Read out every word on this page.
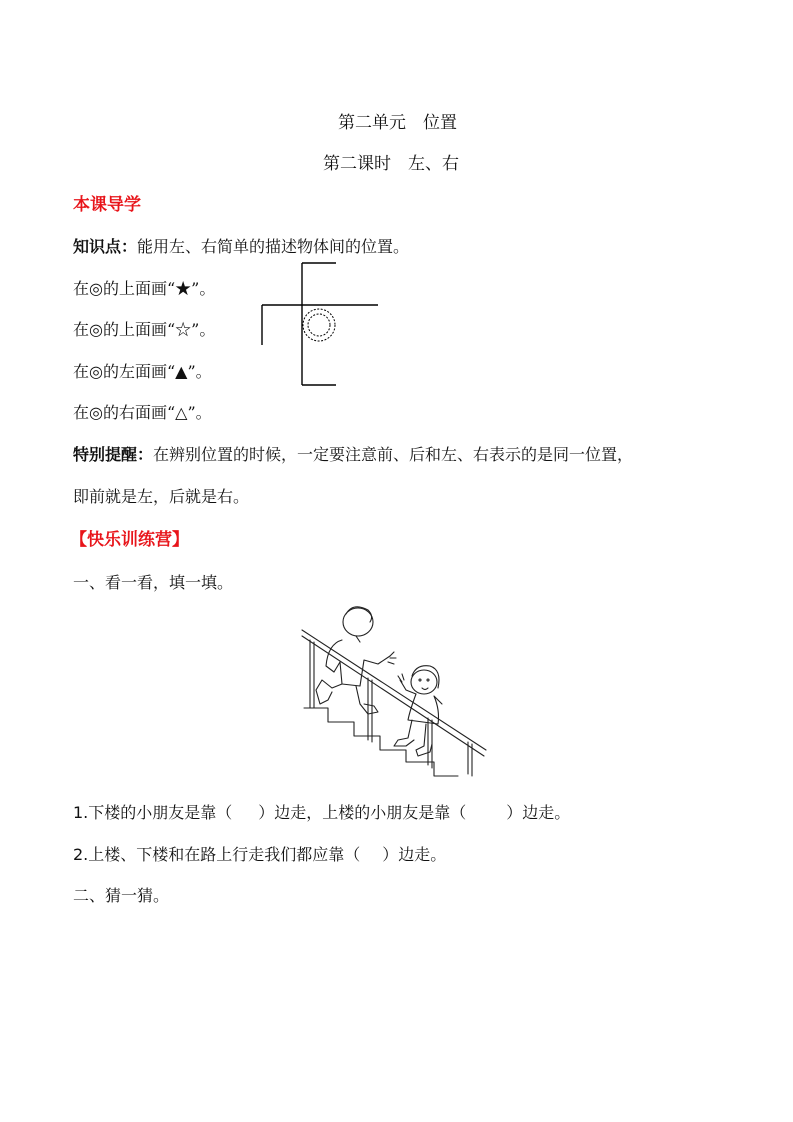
第二单元　位置
第二课时　左、右
本课导学
知识点：能用左、右简单的描述物体间的位置。
在◎的上面画“★”。
在◎的上面画“☆”。
在◎的左面画“▲”。
在◎的右面画“△”。
特别提醒：在辨别位置的时候，一定要注意前、后和左、右表示的是同一位置，
即前就是左，后就是右。
【快乐训练营】
一、看一看，填一填。
1.下楼的小朋友是靠（ ）边走，上楼的小朋友是靠（	）边走。
2.上楼、下楼和在路上行走我们都应靠（ ）边走。
二、猜一猜。
